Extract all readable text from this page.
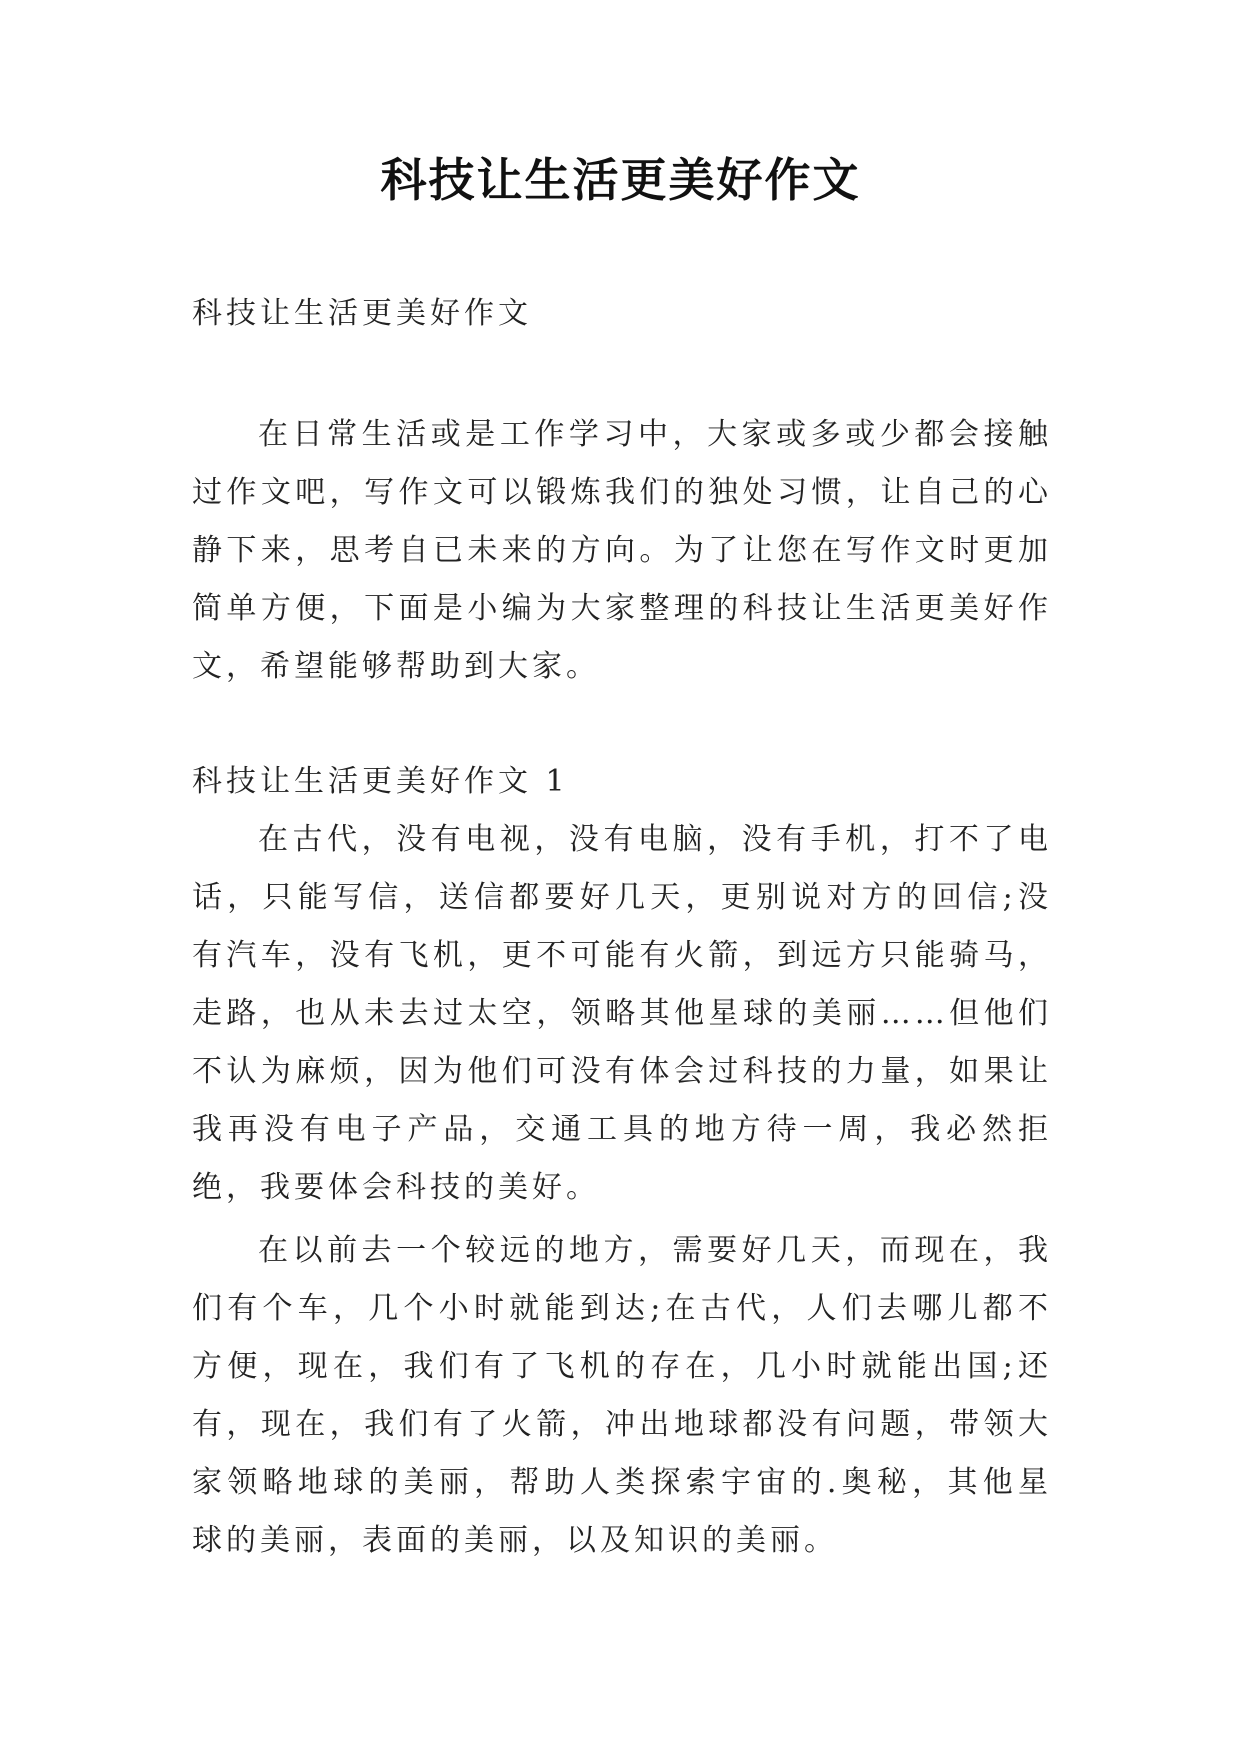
科技让生活更美好作文
科技让生活更美好作文

在日常生活或是工作学习中，大家或多或少都会接触过作文吧，写作文可以锻炼我们的独处习惯，让自己的心静下来，思考自已未来的方向。为了让您在写作文时更加简单方便，下面是小编为大家整理的科技让生活更美好作文，希望能够帮助到大家。

科技让生活更美好作文 1

在古代，没有电视，没有电脑，没有手机，打不了电话，只能写信，送信都要好几天，更别说对方的回信;没有汽车，没有飞机，更不可能有火箭，到远方只能骑马，走路，也从未去过太空，领略其他星球的美丽……但他们不认为麻烦，因为他们可没有体会过科技的力量，如果让我再没有电子产品，交通工具的地方待一周，我必然拒绝，我要体会科技的美好。

在以前去一个较远的地方，需要好几天，而现在，我们有个车，几个小时就能到达;在古代，人们去哪儿都不方便，现在，我们有了飞机的存在，几小时就能出国;还有，现在，我们有了火箭，冲出地球都没有问题，带领大家领略地球的美丽，帮助人类探索宇宙的.奥秘，其他星球的美丽，表面的美丽，以及知识的美丽。
